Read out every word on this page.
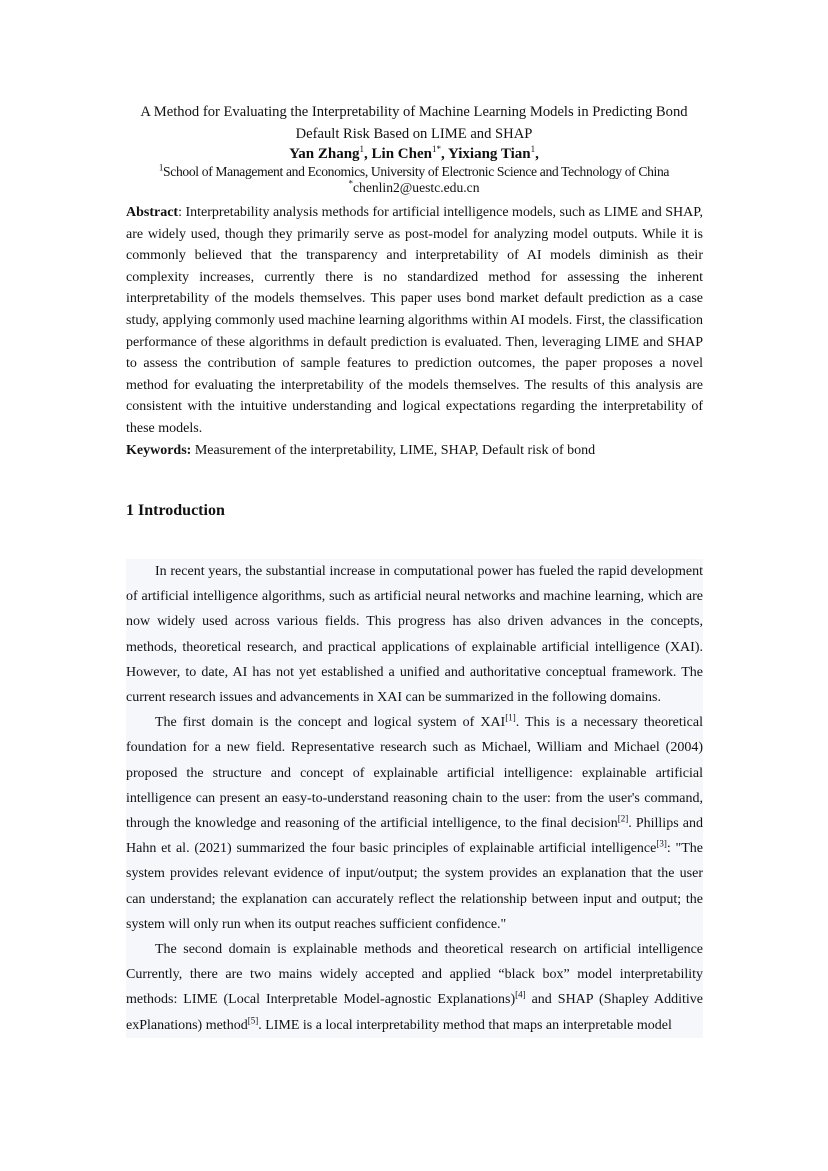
A Method for Evaluating the Interpretability of Machine Learning Models in Predicting Bond
Default Risk Based on LIME and SHAP
Yan Zhang$^1$, Lin Chen$^{1*}$, Yixiang Tian$^1$,
$^1$School of Management and Economics, University of Electronic Science and Technology of China
*chenlin2@uestc.edu.cn
Abstract: Interpretability analysis methods for artificial intelligence models, such as LIME and SHAP, are widely used, though they primarily serve as post-model for analyzing model outputs. While it is commonly believed that the transparency and interpretability of AI models diminish as their complexity increases, currently there is no standardized method for assessing the inherent interpretability of the models themselves. This paper uses bond market default prediction as a case study, applying commonly used machine learning algorithms within AI models. First, the classification performance of these algorithms in default prediction is evaluated. Then, leveraging LIME and SHAP to assess the contribution of sample features to prediction outcomes, the paper proposes a novel method for evaluating the interpretability of the models themselves. The results of this analysis are consistent with the intuitive understanding and logical expectations regarding the interpretability of these models.
Keywords: Measurement of the interpretability, LIME, SHAP, Default risk of bond
1 Introduction

In recent years, the substantial increase in computational power has fueled the rapid development of artificial intelligence algorithms, such as artificial neural networks and machine learning, which are now widely used across various fields. This progress has also driven advances in the concepts, methods, theoretical research, and practical applications of explainable artificial intelligence (XAI). However, to date, AI has not yet established a unified and authoritative conceptual framework. The current research issues and advancements in XAI can be summarized in the following domains.

The first domain is the concept and logical system of XAI[1]. This is a necessary theoretical foundation for a new field. Representative research such as Michael, William and Michael (2004) proposed the structure and concept of explainable artificial intelligence: explainable artificial intelligence can present an easy-to-understand reasoning chain to the user: from the user's command, through the knowledge and reasoning of the artificial intelligence, to the final decision[2]. Phillips and Hahn et al. (2021) summarized the four basic principles of explainable artificial intelligence[3]: "The system provides relevant evidence of input/output; the system provides an explanation that the user can understand; the explanation can accurately reflect the relationship between input and output; the system will only run when its output reaches sufficient confidence."

The second domain is explainable methods and theoretical research on artificial intelligence Currently, there are two mains widely accepted and applied “black box” model interpretability methods: LIME (Local Interpretable Model-agnostic Explanations)[4] and SHAP (Shapley Additive exPlanations) method[5]. LIME is a local interpretability method that maps an interpretable model
